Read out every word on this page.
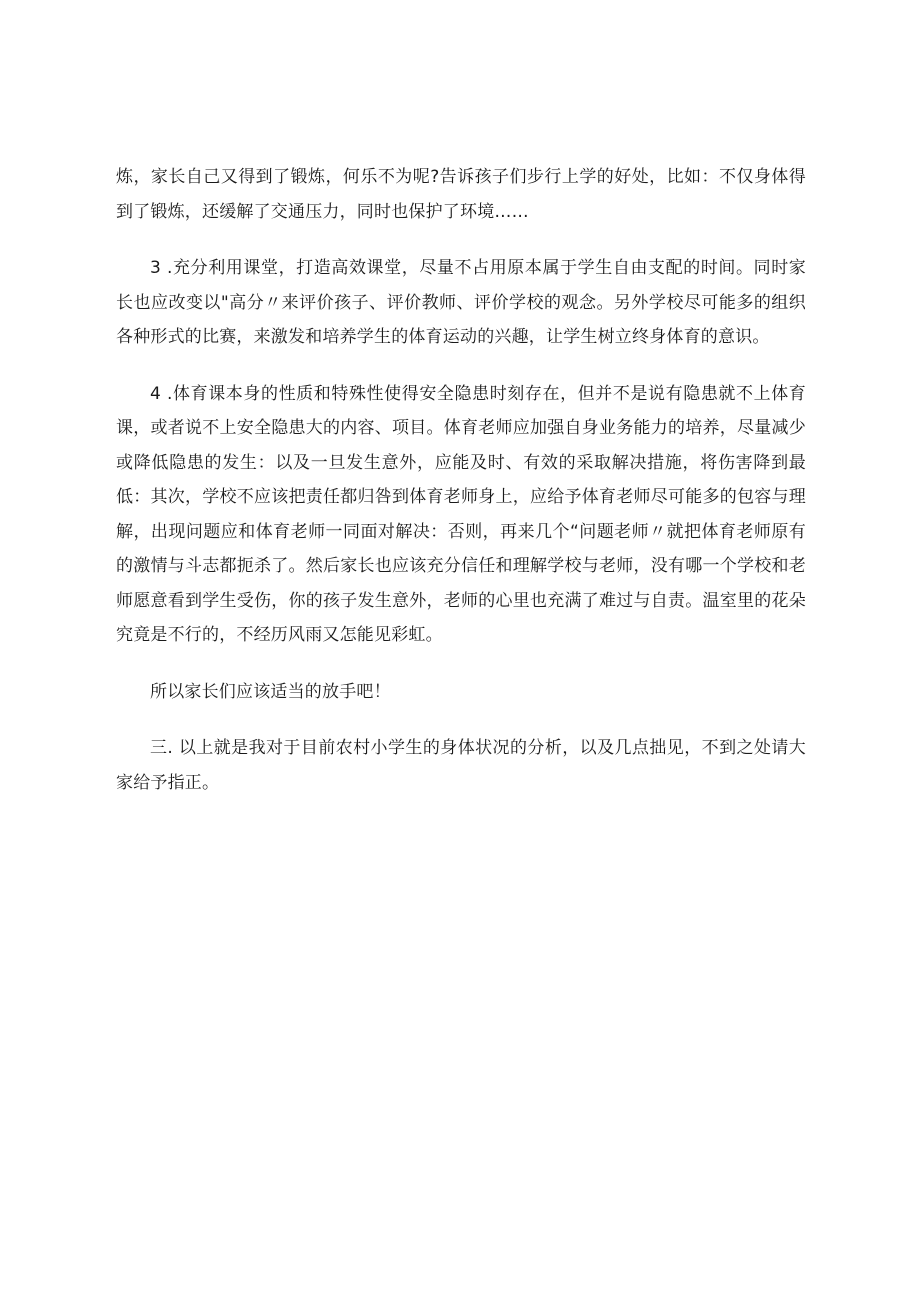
炼，家长自己又得到了锻炼，何乐不为呢?告诉孩子们步行上学的好处，比如：不仅身体得到了锻炼，还缓解了交通压力，同时也保护了环境……

3 .充分利用课堂，打造高效课堂，尽量不占用原本属于学生自由支配的时间。同时家长也应改变以"高分〃来评价孩子、评价教师、评价学校的观念。另外学校尽可能多的组织各种形式的比赛，来激发和培养学生的体育运动的兴趣，让学生树立终身体育的意识。

4 .体育课本身的性质和特殊性使得安全隐患时刻存在，但并不是说有隐患就不上体育课，或者说不上安全隐患大的内容、项目。体育老师应加强自身业务能力的培养，尽量减少或降低隐患的发生：以及一旦发生意外，应能及时、有效的采取解决措施，将伤害降到最低：其次，学校不应该把责任都归咎到体育老师身上，应给予体育老师尽可能多的包容与理解，出现问题应和体育老师一同面对解决：否则，再来几个“问题老师〃就把体育老师原有的激情与斗志都扼杀了。然后家长也应该充分信任和理解学校与老师，没有哪一个学校和老师愿意看到学生受伤，你的孩子发生意外，老师的心里也充满了难过与自责。温室里的花朵究竟是不行的，不经历风雨又怎能见彩虹。

所以家长们应该适当的放手吧！

三. 以上就是我对于目前农村小学生的身体状况的分析，以及几点拙见，不到之处请大家给予指正。
